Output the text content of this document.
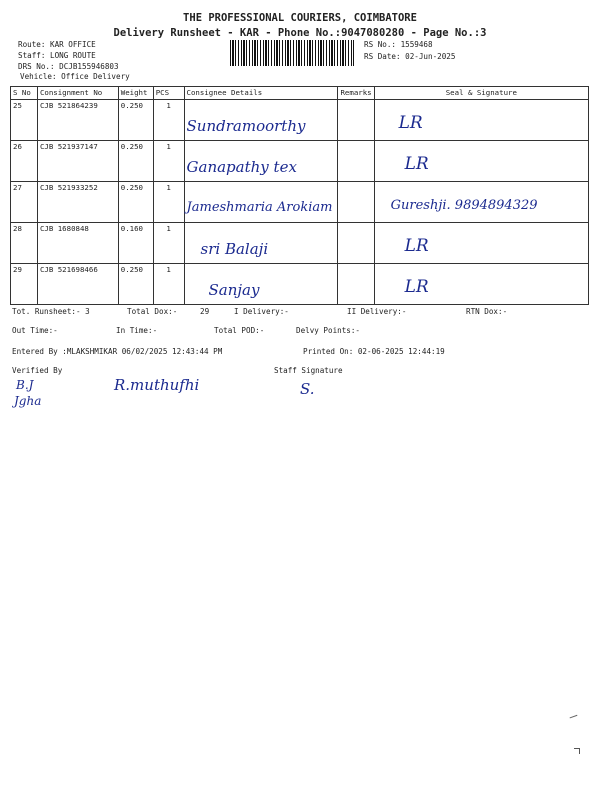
THE PROFESSIONAL COURIERS, COIMBATORE
Delivery Runsheet - KAR - Phone No.:9047080280 - Page No.:3
Route: KAR OFFICE
Staff: LONG ROUTE
DRS No.: DCJB155946803
Vehicle: Office Delivery
RS No.: 1559468
RS Date: 02-Jun-2025
S No	Consignment No	Weight	PCS	Consignee Details	Remarks	Seal & Signature
25	CJB 521864239	0.250	1	Sundramoorthy		LR

26	CJB 521937147	0.250	1	Ganapathy tex		LR

27	CJB 521933252	0.250	1	Jameshmaria Arokiam		Gureshji. 9894894329

28	CJB 1680848	0.160	1	sri Balaji		LR

29	CJB 521698466	0.250	1	Sanjay		LR
Tot. Runsheet:- 3	Total Dox:-	29	I Delivery:-	II Delivery:-	RTN Dox:-
Out Time:-	In Time:-	Total POD:-	Delvy Points:-
Entered By :MLAKSHMIKAR 06/02/2025 12:43:44 PM	Printed On: 02-06-2025 12:44:19
Verified By	Staff Signature
B.J
Jgha
R.muthufhi	S.
